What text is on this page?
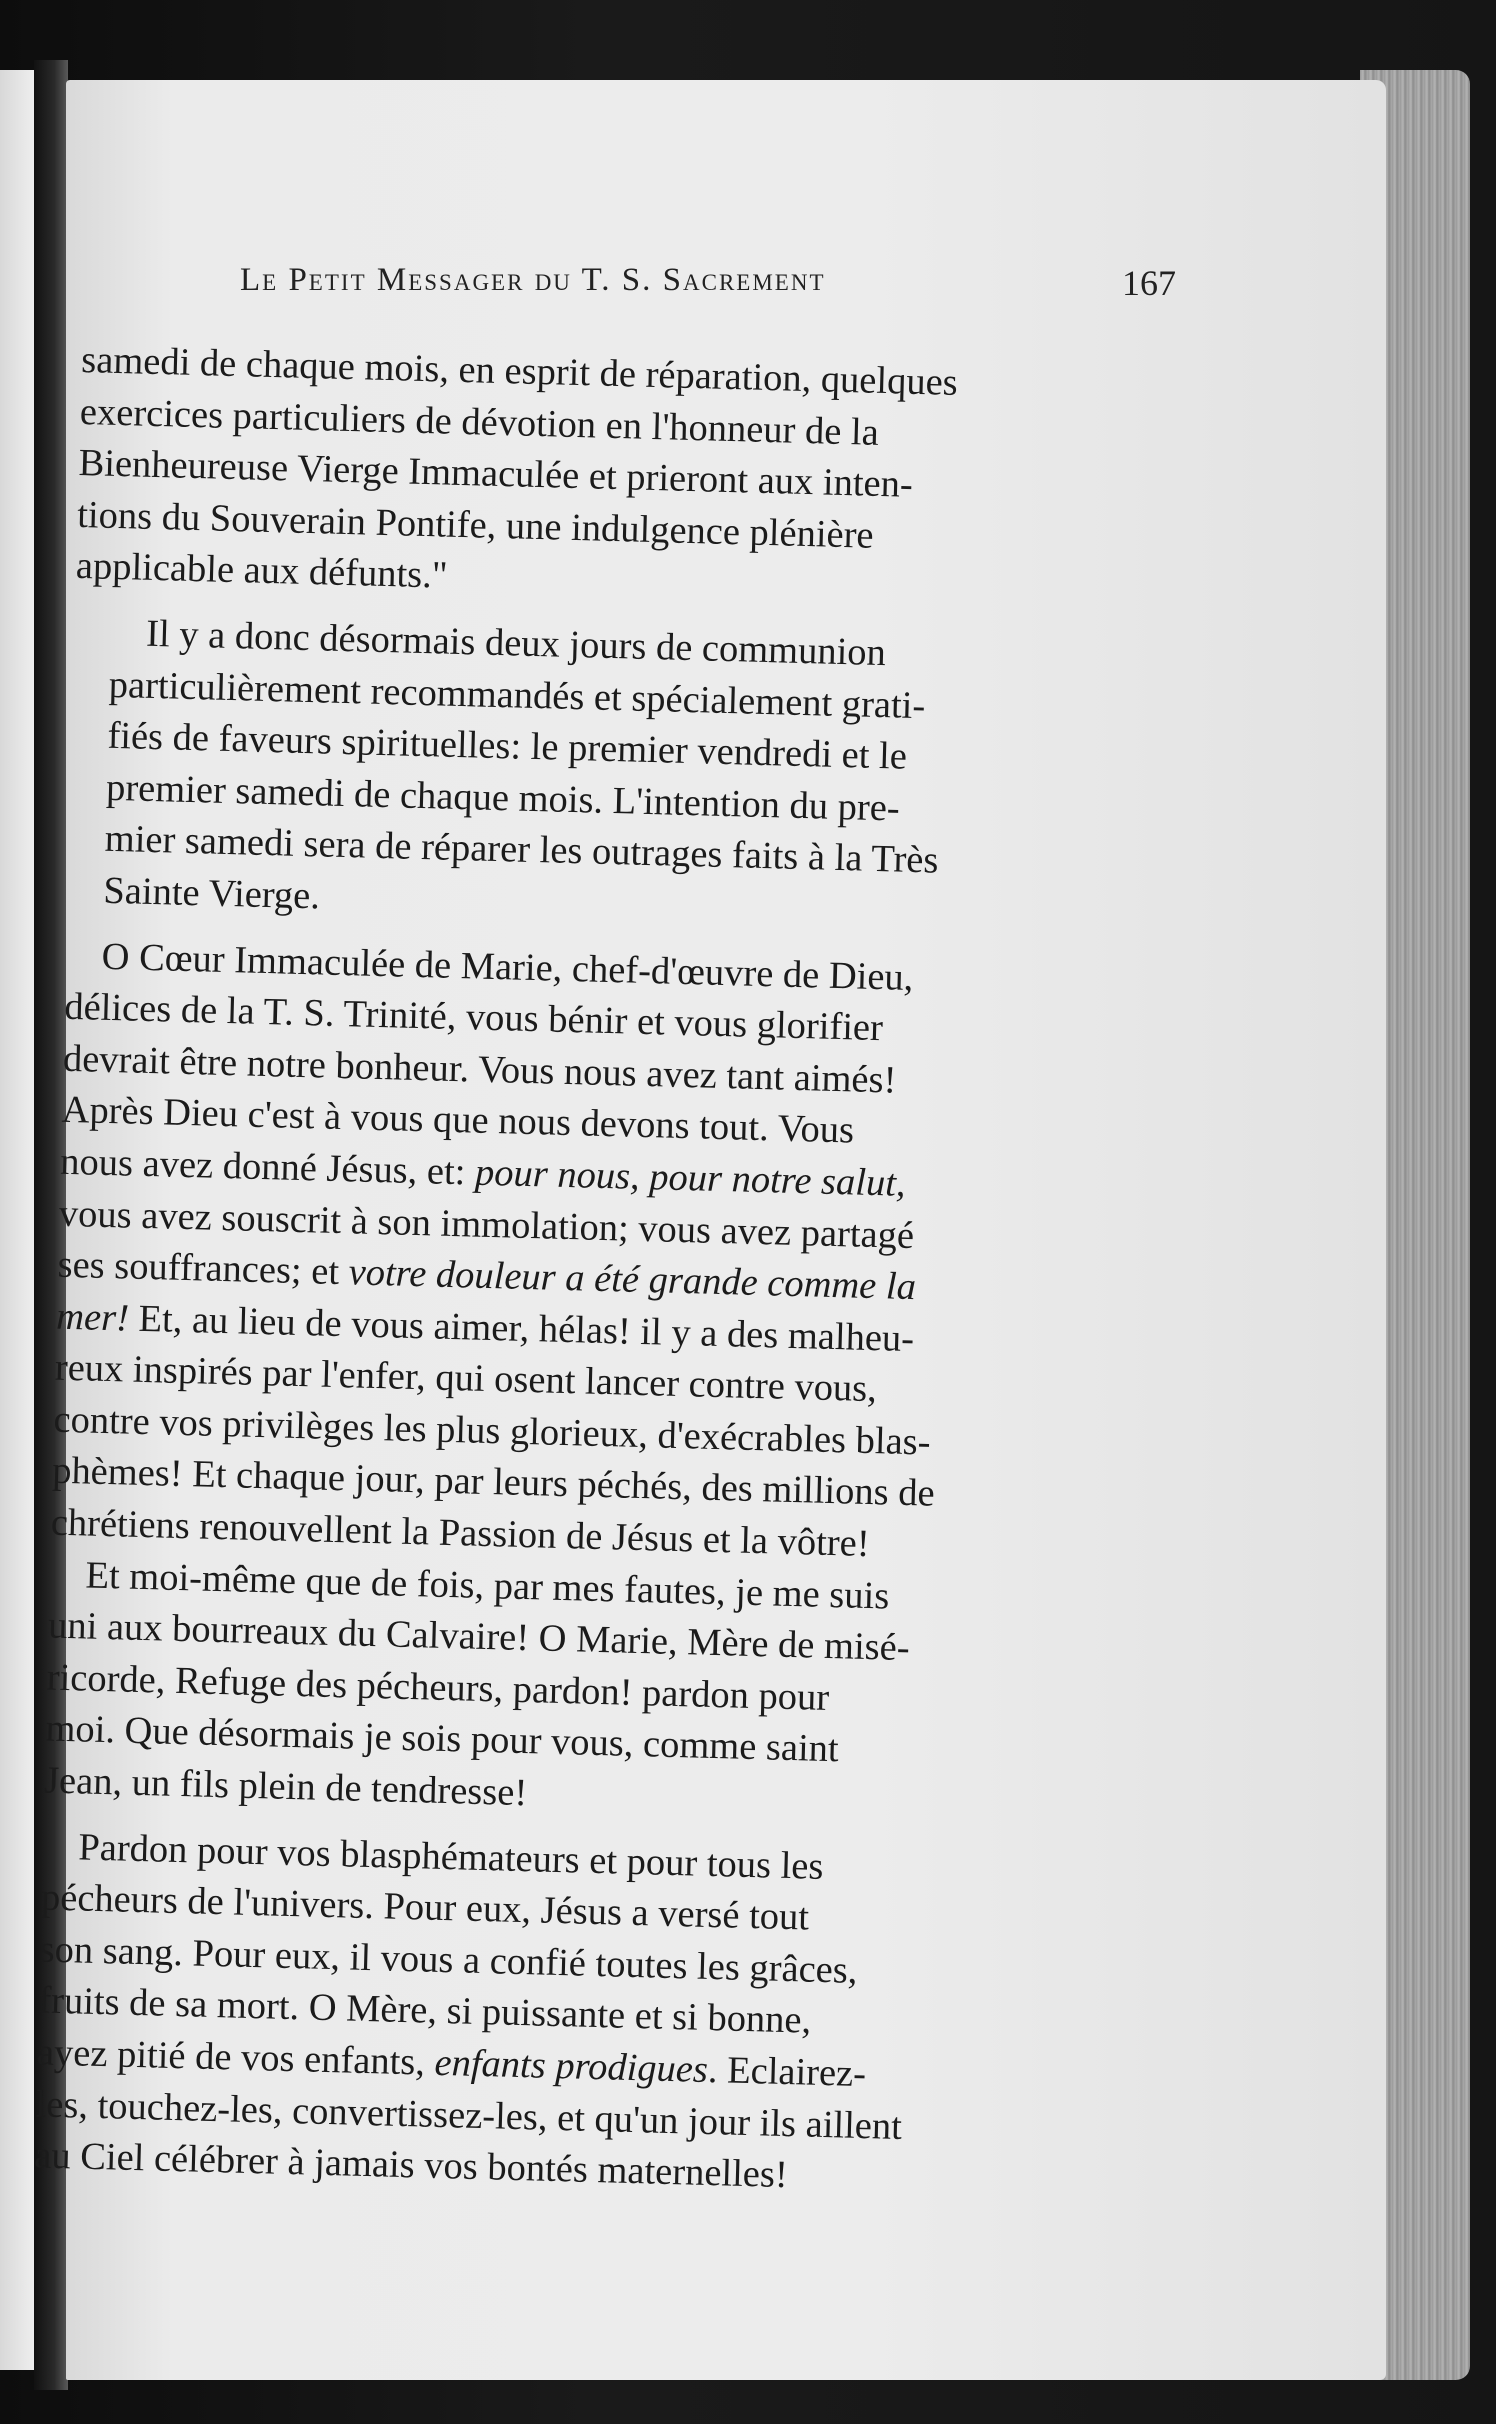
Le Petit Messager du T. S. Sacrement	167
samedi de chaque mois, en esprit de réparation, quelques
exercices particuliers de dévotion en l'honneur de la
Bienheureuse Vierge Immaculée et prieront aux inten-
tions du Souverain Pontife, une indulgence plénière
applicable aux défunts."
Il y a donc désormais deux jours de communion
particulièrement recommandés et spécialement grati-
fiés de faveurs spirituelles: le premier vendredi et le
premier samedi de chaque mois. L'intention du pre-
mier samedi sera de réparer les outrages faits à la Très
Sainte Vierge.
O Cœur Immaculée de Marie, chef-d'œuvre de Dieu,
délices de la T. S. Trinité, vous bénir et vous glorifier
devrait être notre bonheur. Vous nous avez tant aimés!
Après Dieu c'est à vous que nous devons tout. Vous
nous avez donné Jésus, et: pour nous, pour notre salut,
vous avez souscrit à son immolation; vous avez partagé
ses souffrances; et votre douleur a été grande comme la
mer! Et, au lieu de vous aimer, hélas! il y a des malheu-
reux inspirés par l'enfer, qui osent lancer contre vous,
contre vos privilèges les plus glorieux, d'exécrables blas-
phèmes! Et chaque jour, par leurs péchés, des millions de
chrétiens renouvellent la Passion de Jésus et la vôtre!
Et moi-même que de fois, par mes fautes, je me suis
uni aux bourreaux du Calvaire! O Marie, Mère de misé-
ricorde, Refuge des pécheurs, pardon! pardon pour
moi. Que désormais je sois pour vous, comme saint
Jean, un fils plein de tendresse!
Pardon pour vos blasphémateurs et pour tous les
pécheurs de l'univers. Pour eux, Jésus a versé tout
son sang. Pour eux, il vous a confié toutes les grâces,
fruits de sa mort. O Mère, si puissante et si bonne,
ayez pitié de vos enfants, enfants prodigues. Eclairez-
les, touchez-les, convertissez-les, et qu'un jour ils aillent
au Ciel célébrer à jamais vos bontés maternelles!
